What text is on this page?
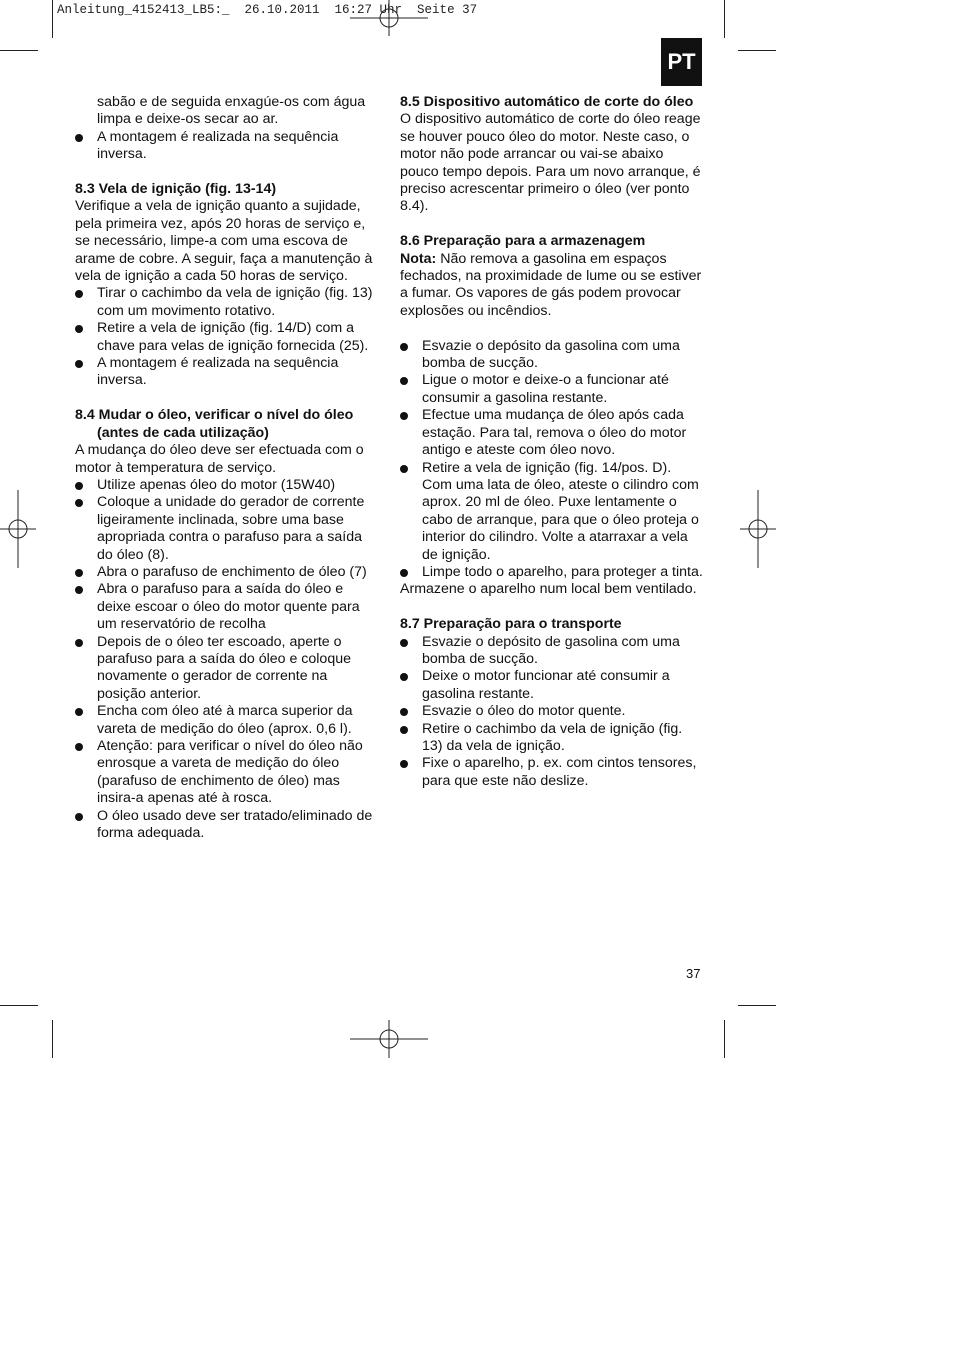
Anleitung_4152413_LB5:_  26.10.2011  16:27 Uhr  Seite 37
PT

sabão e de seguida enxagúe-os com água limpa e deixe-os secar ao ar.

A montagem é realizada na sequência inversa.
8.3 Vela de ignição (fig. 13-14)

Verifique a vela de ignição quanto a sujidade, pela primeira vez, após 20 horas de serviço e, se necessário, limpe-a com uma escova de arame de cobre. A seguir, faça a manutenção à vela de ignição a cada 50 horas de serviço.

Tirar o cachimbo da vela de ignição (fig. 13) com um movimento rotativo.
Retire a vela de ignição (fig. 14/D) com a chave para velas de ignição fornecida (25).
A montagem é realizada na sequência inversa.
8.4 Mudar o óleo, verificar o nível do óleo
(antes de cada utilização)

A mudança do óleo deve ser efectuada com o motor à temperatura de serviço.

Utilize apenas óleo do motor (15W40)
Coloque a unidade do gerador de corrente ligeiramente inclinada, sobre uma base apropriada contra o parafuso para a saída do óleo (8).
Abra o parafuso de enchimento de óleo (7)
Abra o parafuso para a saída do óleo e deixe escoar o óleo do motor quente para um reservatório de recolha
Depois de o óleo ter escoado, aperte o parafuso para a saída do óleo e coloque novamente o gerador de corrente na posição anterior.
Encha com óleo até à marca superior da vareta de medição do óleo (aprox. 0,6 l).
Atenção: para verificar o nível do óleo não enrosque a vareta de medição do óleo (parafuso de enchimento de óleo) mas insira-a apenas até à rosca.
O óleo usado deve ser tratado/eliminado de forma adequada.
8.5 Dispositivo automático de corte do óleo

O dispositivo automático de corte do óleo reage se houver pouco óleo do motor. Neste caso, o motor não pode arrancar ou vai-se abaixo pouco tempo depois. Para um novo arranque, é preciso acrescentar primeiro o óleo (ver ponto 8.4).

8.6 Preparação para a armazenagem

Nota: Não remova a gasolina em espaços fechados, na proximidade de lume ou se estiver a fumar. Os vapores de gás podem provocar explosões ou incêndios.

Esvazie o depósito da gasolina com uma bomba de sucção.
Ligue o motor e deixe-o a funcionar até consumir a gasolina restante.
Efectue uma mudança de óleo após cada estação. Para tal, remova o óleo do motor antigo e ateste com óleo novo.
Retire a vela de ignição (fig. 14/pos. D). Com uma lata de óleo, ateste o cilindro com aprox. 20 ml de óleo. Puxe lentamente o cabo de arranque, para que o óleo proteja o interior do cilindro. Volte a atarraxar a vela de ignição.
Limpe todo o aparelho, para proteger a tinta.

Armazene o aparelho num local bem ventilado.

8.7 Preparação para o transporte
Esvazie o depósito de gasolina com uma bomba de sucção.
Deixe o motor funcionar até consumir a gasolina restante.
Esvazie o óleo do motor quente.
Retire o cachimbo da vela de ignição (fig. 13) da vela de ignição.
Fixe o aparelho, p. ex. com cintos tensores, para que este não deslize.
37
